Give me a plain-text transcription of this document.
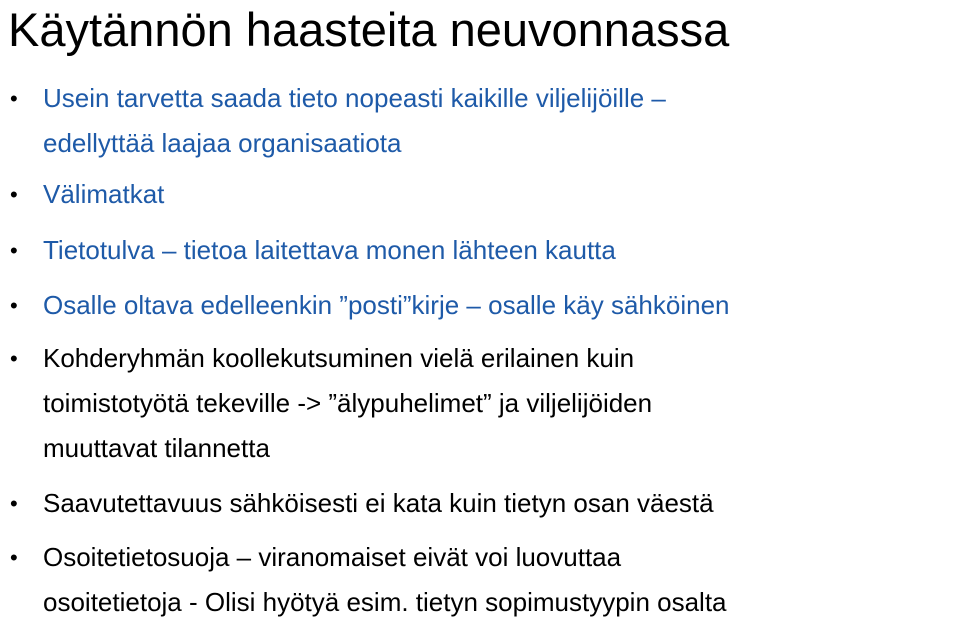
Käytännön haasteita neuvonnassa
• Usein tarvetta saada tieto nopeasti kaikille viljelijöille –
edellyttää laajaa organisaatiota
• Välimatkat
• Tietotulva – tietoa laitettava monen lähteen kautta
• Osalle oltava edelleenkin ”posti”kirje – osalle käy sähköinen
• Kohderyhmän koollekutsuminen vielä erilainen kuin
toimistotyötä tekeville -> ”älypuhelimet” ja viljelijöiden
muuttavat tilannetta
• Saavutettavuus sähköisesti ei kata kuin tietyn osan väestä
• Osoitetietosuoja – viranomaiset eivät voi luovuttaa
osoitetietoja - Olisi hyötyä esim. tietyn sopimustyypin osalta
